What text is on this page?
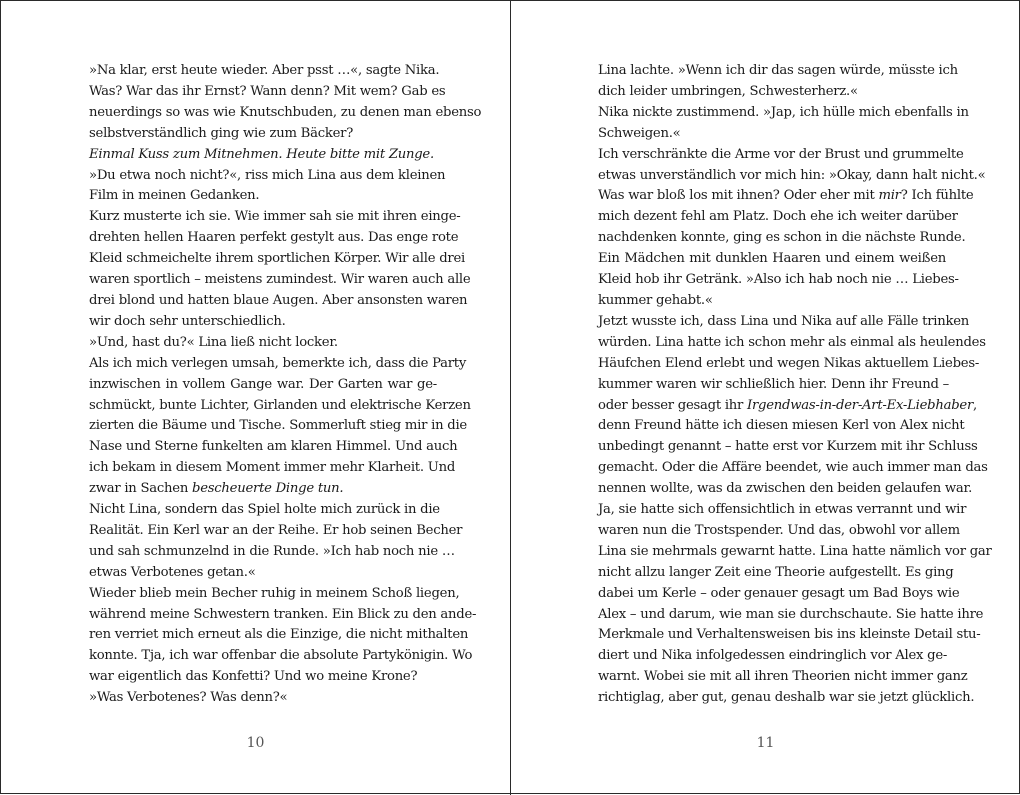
»Na klar, erst heute wieder. Aber psst …«, sagte Nika.

Was? War das ihr Ernst? Wann denn? Mit wem? Gab es
neuerdings so was wie Knutschbuden, zu denen man ebenso
selbstverständlich ging wie zum Bäcker?

Einmal Kuss zum Mitnehmen. Heute bitte mit Zunge.

»Du etwa noch nicht?«, riss mich Lina aus dem kleinen
Film in meinen Gedanken.

Kurz musterte ich sie. Wie immer sah sie mit ihren einge-
drehten hellen Haaren perfekt gestylt aus. Das enge rote
Kleid schmeichelte ihrem sportlichen Körper. Wir alle drei
waren sportlich – meistens zumindest. Wir waren auch alle
drei blond und hatten blaue Augen. Aber ansonsten waren
wir doch sehr unterschiedlich.

»Und, hast du?« Lina ließ nicht locker.

Als ich mich verlegen umsah, bemerkte ich, dass die Party
inzwischen in vollem Gange war. Der Garten war ge-
schmückt, bunte Lichter, Girlanden und elektrische Kerzen
zierten die Bäume und Tische. Sommerluft stieg mir in die
Nase und Sterne funkelten am klaren Himmel. Und auch
ich bekam in diesem Moment immer mehr Klarheit. Und
zwar in Sachen bescheuerte Dinge tun.

Nicht Lina, sondern das Spiel holte mich zurück in die
Realität. Ein Kerl war an der Reihe. Er hob seinen Becher
und sah schmunzelnd in die Runde. »Ich hab noch nie …
etwas Verbotenes getan.«

Wieder blieb mein Becher ruhig in meinem Schoß liegen,
während meine Schwestern tranken. Ein Blick zu den ande-
ren verriet mich erneut als die Einzige, die nicht mithalten
konnte. Tja, ich war offenbar die absolute Partykönigin. Wo
war eigentlich das Konfetti? Und wo meine Krone?

»Was Verbotenes? Was denn?«

10

Lina lachte. »Wenn ich dir das sagen würde, müsste ich
dich leider umbringen, Schwesterherz.«

Nika nickte zustimmend. »Jap, ich hülle mich ebenfalls in
Schweigen.«

Ich verschränkte die Arme vor der Brust und grummelte
etwas unverständlich vor mich hin: »Okay, dann halt nicht.«
Was war bloß los mit ihnen? Oder eher mit mir? Ich fühlte
mich dezent fehl am Platz. Doch ehe ich weiter darüber
nachdenken konnte, ging es schon in die nächste Runde.

Ein Mädchen mit dunklen Haaren und einem weißen
Kleid hob ihr Getränk. »Also ich hab noch nie … Liebes-
kummer gehabt.«

Jetzt wusste ich, dass Lina und Nika auf alle Fälle trinken
würden. Lina hatte ich schon mehr als einmal als heulendes
Häufchen Elend erlebt und wegen Nikas aktuellem Liebes-
kummer waren wir schließlich hier. Denn ihr Freund –
oder besser gesagt ihr Irgendwas-in-der-Art-Ex-Liebhaber,
denn Freund hätte ich diesen miesen Kerl von Alex nicht
unbedingt genannt – hatte erst vor Kurzem mit ihr Schluss
gemacht. Oder die Affäre beendet, wie auch immer man das
nennen wollte, was da zwischen den beiden gelaufen war.
Ja, sie hatte sich offensichtlich in etwas verrannt und wir
waren nun die Trostspender. Und das, obwohl vor allem
Lina sie mehrmals gewarnt hatte. Lina hatte nämlich vor gar
nicht allzu langer Zeit eine Theorie aufgestellt. Es ging
dabei um Kerle – oder genauer gesagt um Bad Boys wie
Alex – und darum, wie man sie durchschaute. Sie hatte ihre
Merkmale und Verhaltensweisen bis ins kleinste Detail stu-
diert und Nika infolgedessen eindringlich vor Alex ge-
warnt. Wobei sie mit all ihren Theorien nicht immer ganz
richtiglag, aber gut, genau deshalb war sie jetzt glücklich.

11
